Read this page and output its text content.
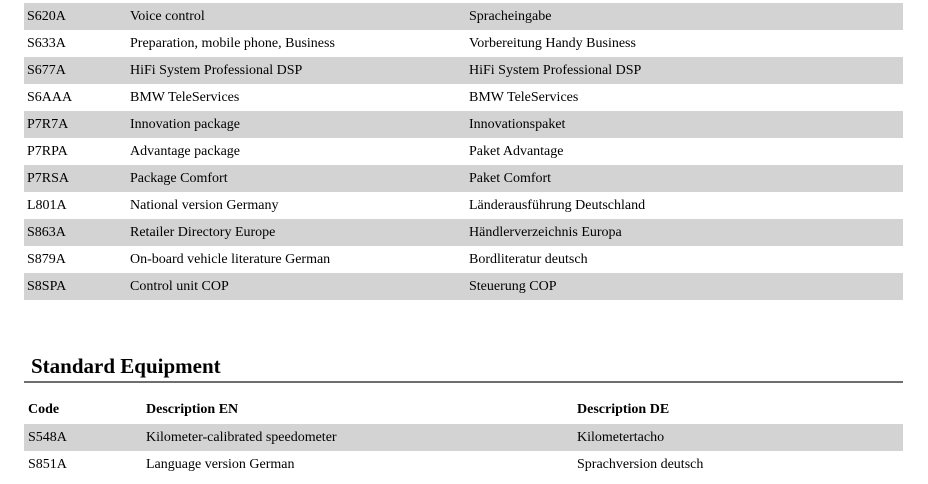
S620A	Voice control	Spracheingabe
S633A	Preparation, mobile phone, Business	Vorbereitung Handy Business
S677A	HiFi System Professional DSP	HiFi System Professional DSP
S6AAA	BMW TeleServices	BMW TeleServices
P7R7A	Innovation package	Innovationspaket
P7RPA	Advantage package	Paket Advantage
P7RSA	Package Comfort	Paket Comfort
L801A	National version Germany	Länderausführung Deutschland
S863A	Retailer Directory Europe	Händlerverzeichnis Europa
S879A	On-board vehicle literature German	Bordliteratur deutsch
S8SPA	Control unit COP	Steuerung COP
Standard Equipment
Code	Description EN	Description DE
S548A	Kilometer-calibrated speedometer	Kilometertacho
S851A	Language version German	Sprachversion deutsch
